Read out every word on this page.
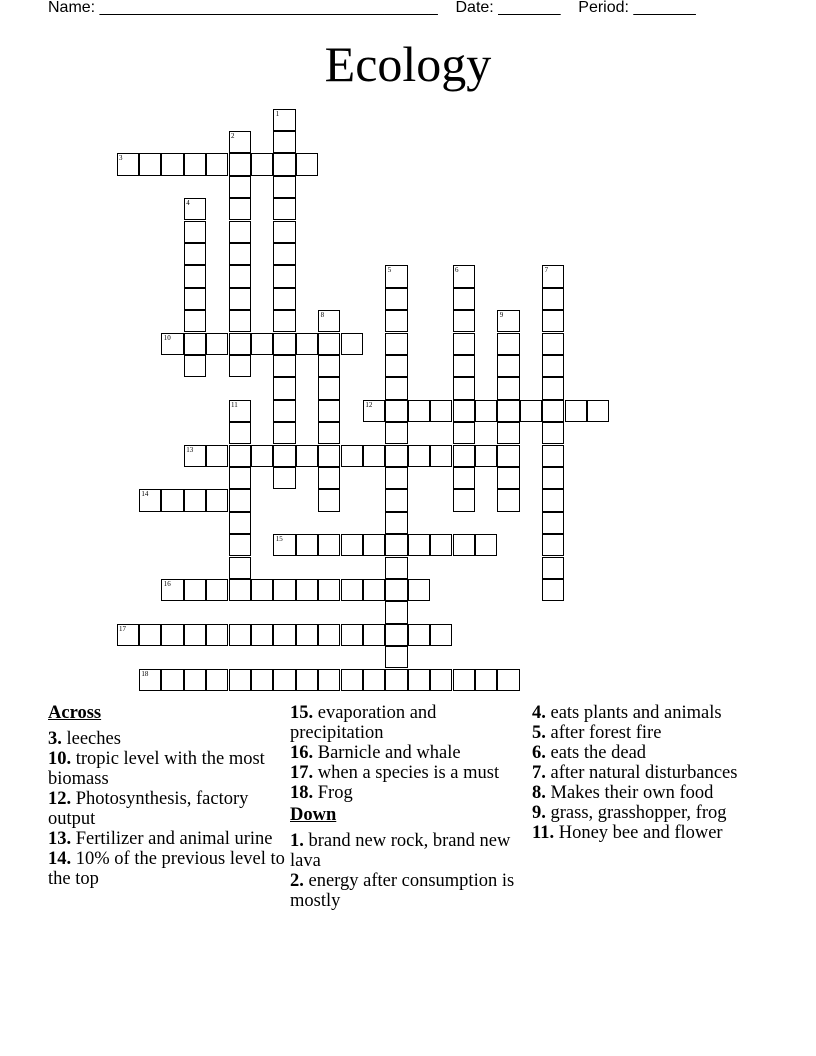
Name: ______________________________________ Date: _______ Period: _______
Ecology
1
2
3
4
5	6	7
8	9
10
11	12
13
14
15
16
17
18

Across

3. leeches

10. tropic level with the most biomass

12. Photosynthesis, factory output

13. Fertilizer and animal urine

14. 10% of the previous level to the top

15. evaporation and precipitation

16. Barnicle and whale

17. when a species is a must

18. Frog

Down

1. brand new rock, brand new lava

2. energy after consumption is mostly

4. eats plants and animals

5. after forest fire

6. eats the dead

7. after natural disturbances

8. Makes their own food

9. grass, grasshopper, frog

11. Honey bee and flower
